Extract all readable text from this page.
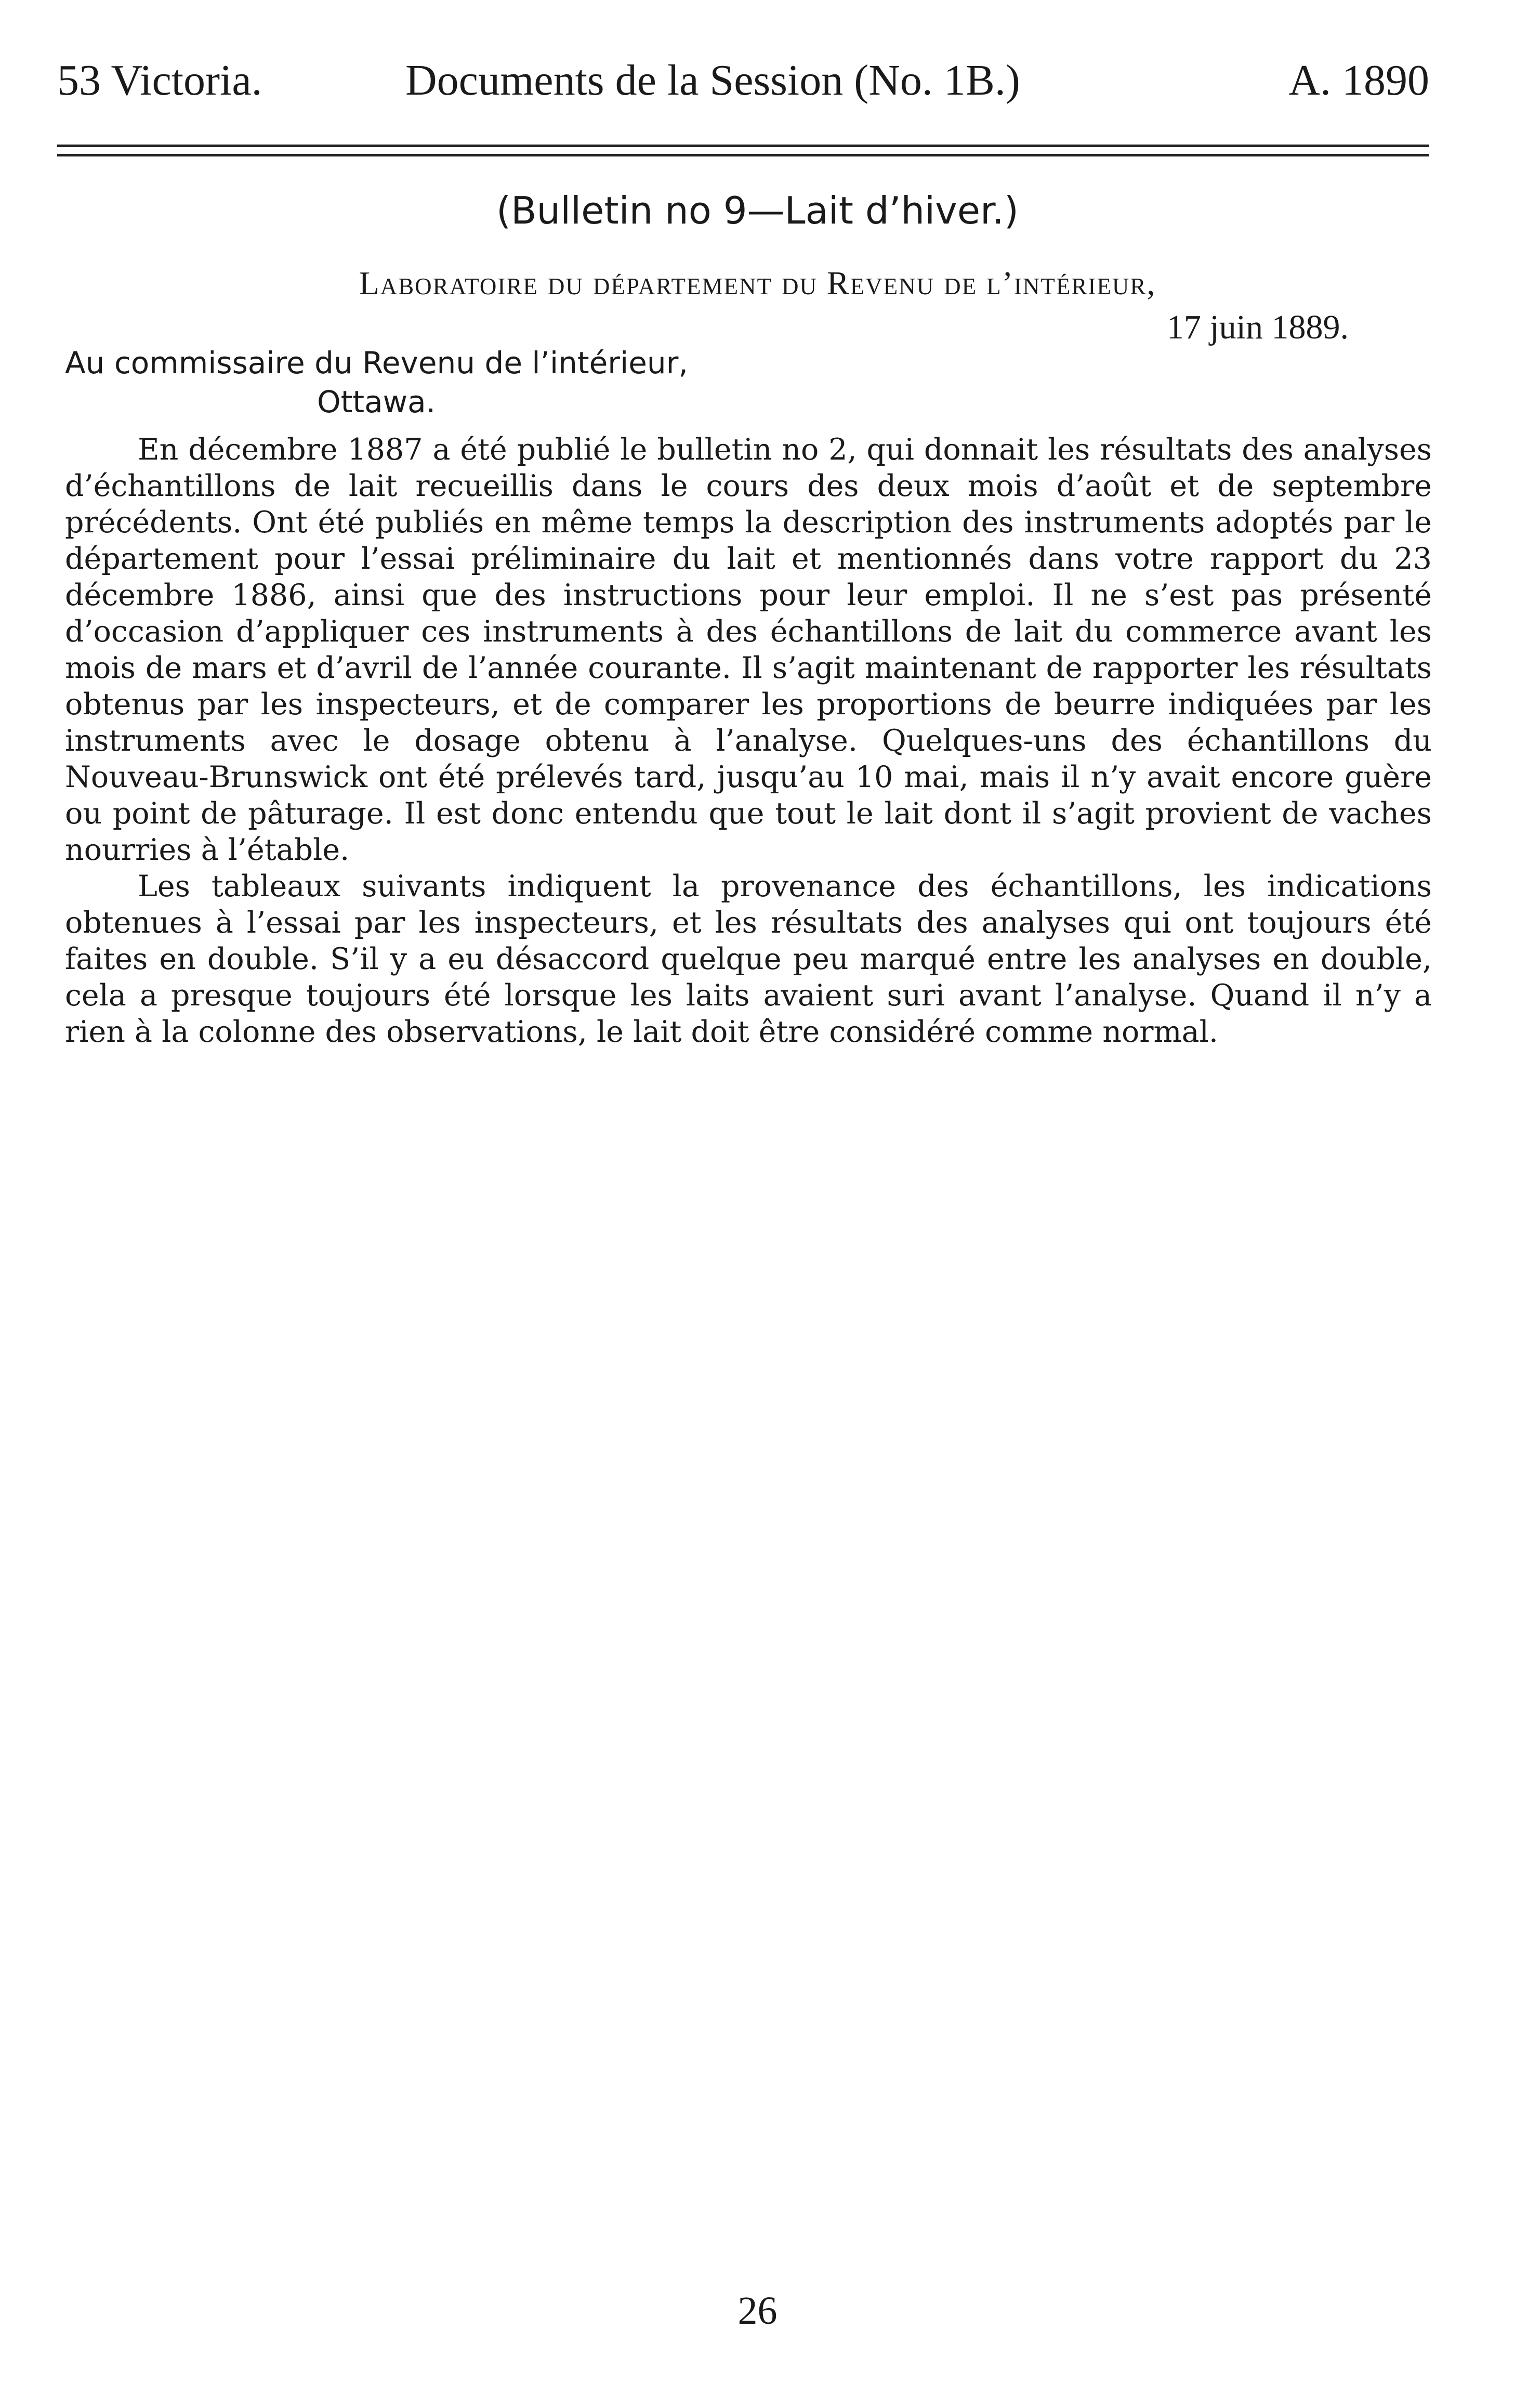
53 Victoria.	Documents de la Session (No. 1B.)	A. 1890
(Bulletin no 9—Lait d’hiver.)
Laboratoire du département du Revenu de l’intérieur,
17 juin 1889.
Au commissaire du Revenu de l’intérieur,
Ottawa.

En décembre 1887 a été publié le bulletin no 2, qui donnait les résultats des analyses d’échantillons de lait recueillis dans le cours des deux mois d’août et de septembre précédents. Ont été publiés en même temps la description des instruments adoptés par le département pour l’essai préliminaire du lait et mentionnés dans votre rapport du 23 décembre 1886, ainsi que des instructions pour leur emploi. Il ne s’est pas présenté d’occasion d’appliquer ces instruments à des échantillons de lait du commerce avant les mois de mars et d’avril de l’année courante. Il s’agit maintenant de rapporter les résultats obtenus par les inspecteurs, et de comparer les proportions de beurre indiquées par les instruments avec le dosage obtenu à l’analyse. Quelques-uns des échantillons du Nouveau-Brunswick ont été prélevés tard, jusqu’au 10 mai, mais il n’y avait encore guère ou point de pâturage. Il est donc entendu que tout le lait dont il s’agit provient de vaches nourries à l’étable.

Les tableaux suivants indiquent la provenance des échantillons, les indications obtenues à l’essai par les inspecteurs, et les résultats des analyses qui ont toujours été faites en double. S’il y a eu désaccord quelque peu marqué entre les analyses en double, cela a presque toujours été lorsque les laits avaient suri avant l’analyse. Quand il n’y a rien à la colonne des observations, le lait doit être considéré comme normal.

26
